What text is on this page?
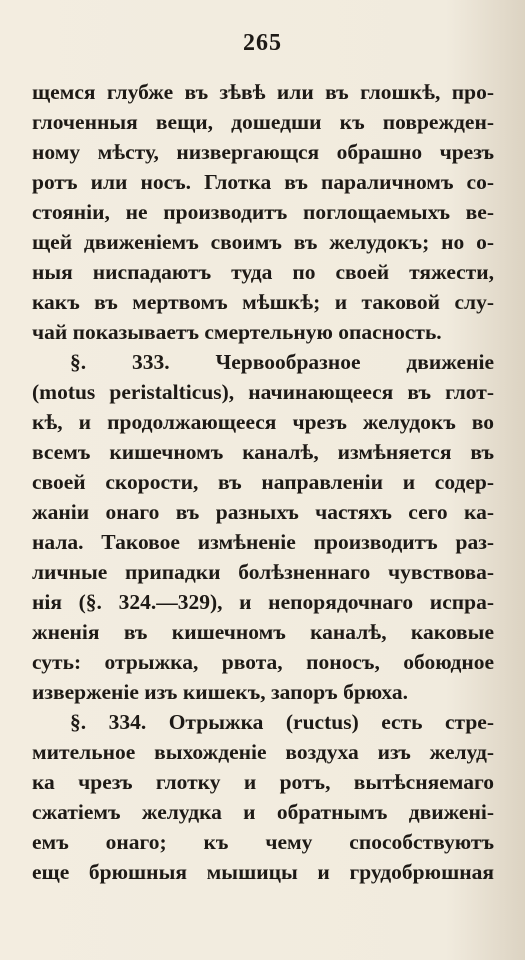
265
щемся глубже въ зѣвѣ или въ глошкѣ, про-
глоченныя вещи, дошедши къ поврежден-
ному мѣсту, низвергающся обрашно чрезъ
ротъ или носъ. Глотка въ параличномъ со-
стояніи, не производитъ поглощаемыхъ ве-
щей движеніемъ своимъ въ желудокъ; но о-
ныя ниспадаютъ туда по своей тяжести,
какъ въ мертвомъ мѣшкѣ; и таковой слу-
чай показываетъ смертельную опасность.
§. 333. Червообразное движеніе
(motus peristalticus), начинающееся въ глот-
кѣ, и продолжающееся чрезъ желудокъ во
всемъ кишечномъ каналѣ, измѣняется въ
своей скорости, въ направленіи и содер-
жаніи онаго въ разныхъ частяхъ сего ка-
нала. Таковое измѣненіе производитъ раз-
личные припадки болѣзненнаго чувствова-
нія (§. 324.—329), и непорядочнаго испра-
жненія въ кишечномъ каналѣ, каковые
суть: отрыжка, рвота, поносъ, обоюдное
изверженіе изъ кишекъ, запоръ брюха.
§. 334. Отрыжка (ructus) есть стре-
мительное выхожденіе воздуха изъ желуд-
ка чрезъ глотку и ротъ, вытѣсняемаго
сжатіемъ желудка и обратнымъ движені-
емъ онаго; къ чему способствуютъ
еще брюшныя мышицы и грудобрюшная
